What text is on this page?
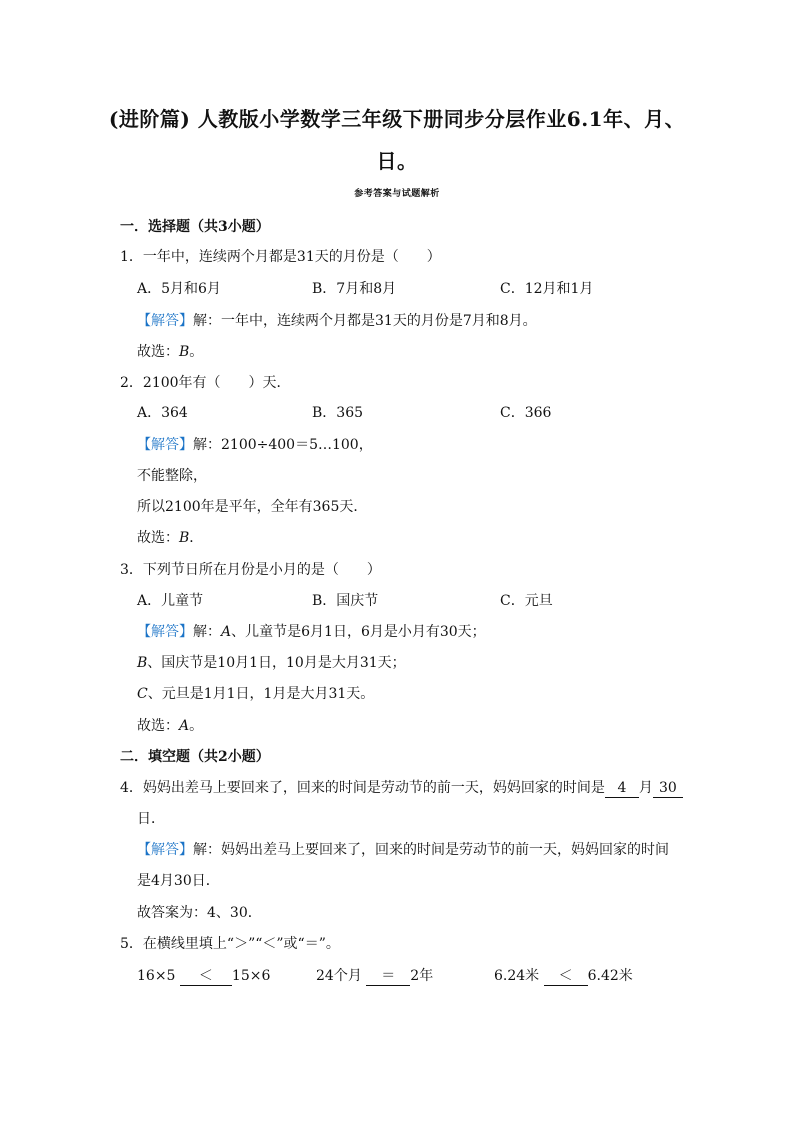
(进阶篇) 人教版小学数学三年级下册同步分层作业6.1年、月、日。
参考答案与试题解析
一．选择题（共3小题）
1．一年中，连续两个月都是31天的月份是（　　）
A．5月和6月	B．7月和8月	C．12月和1月
【解答】解：一年中，连续两个月都是31天的月份是7月和8月。
故选：B。
2．2100年有（　　）天．
A．364	B．365	C．366
【解答】解：2100÷400＝5…100，
不能整除，
所以2100年是平年，全年有365天．
故选：B．
3．下列节日所在月份是小月的是（　　）
A．儿童节	B．国庆节	C．元旦
【解答】解：A、儿童节是6月1日，6月是小月有30天；
B、国庆节是10月1日，10月是大月31天；
C、元旦是1月1日，1月是大月31天。
故选：A。
二．填空题（共2小题）
4．妈妈出差马上要回来了，回来的时间是劳动节的前一天，妈妈回家的时间是 4 月 30
日．
【解答】解：妈妈出差马上要回来了，回来的时间是劳动节的前一天，妈妈回家的时间
是4月30日．
故答案为：4、30．
5．在横线里填上“＞”“＜”或“＝”。
16×5 ＜ 15×6	24个月 ＝ 2年	6.24米 ＜ 6.42米
